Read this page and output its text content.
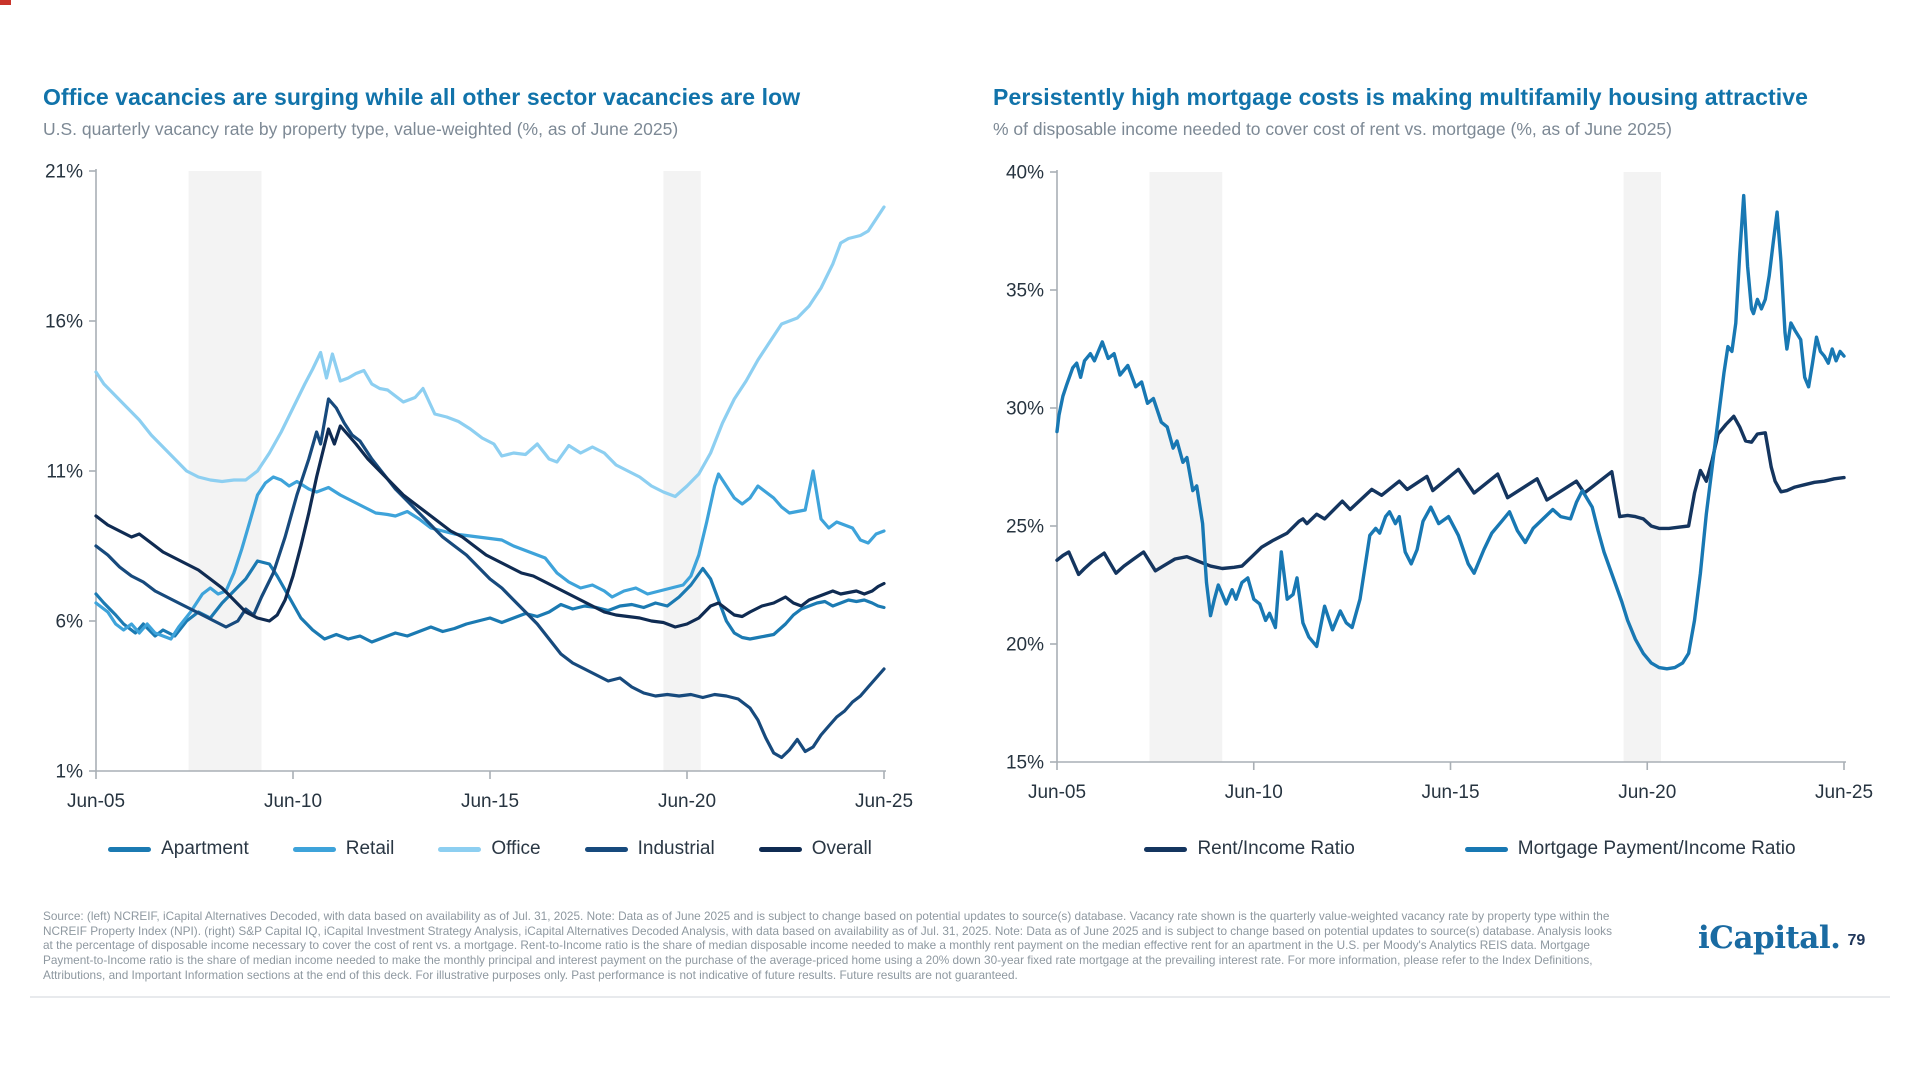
Office vacancies are surging while all other sector vacancies are low
U.S. quarterly vacancy rate by property type, value-weighted (%, as of June 2025)
Persistently high mortgage costs is making multifamily housing attractive
% of disposable income needed to cover cost of rent vs. mortgage (%, as of June 2025)
21%
16%
11%
6%
1%
Jun-05	Jun-10	Jun-15	Jun-20	Jun-25
40%
35%
30%
25%
20%
15%
Jun-05	Jun-10	Jun-15	Jun-20	Jun-25
Apartment	Retail	Office	Industrial	Overall	Rent/Income Ratio	Mortgage Payment/Income Ratio
Source: (left) NCREIF, iCapital Alternatives Decoded, with data based on availability as of Jul. 31, 2025. Note: Data as of June 2025 and is subject to change based on potential updates to source(s) database. Vacancy rate shown is the quarterly value-weighted vacancy rate by property type within the
NCREIF Property Index (NPI). (right) S&P Capital IQ, iCapital Investment Strategy Analysis, iCapital Alternatives Decoded Analysis, with data based on availability as of Jul. 31, 2025. Note: Data as of June 2025 and is subject to change based on potential updates to source(s) database. Analysis looks
at the percentage of disposable income necessary to cover the cost of rent vs. a mortgage. Rent-to-Income ratio is the share of median disposable income needed to make a monthly rent payment on the median effective rent for an apartment in the U.S. per Moody's Analytics REIS data. Mortgage
Payment-to-Income ratio is the share of median income needed to make the monthly principal and interest payment on the purchase of the average-priced home using a 20% down 30-year fixed rate mortgage at the prevailing interest rate. For more information, please refer to the Index Definitions,
Attributions, and Important Information sections at the end of this deck. For illustrative purposes only. Past performance is not indicative of future results. Future results are not guaranteed.
iCapital. 79
